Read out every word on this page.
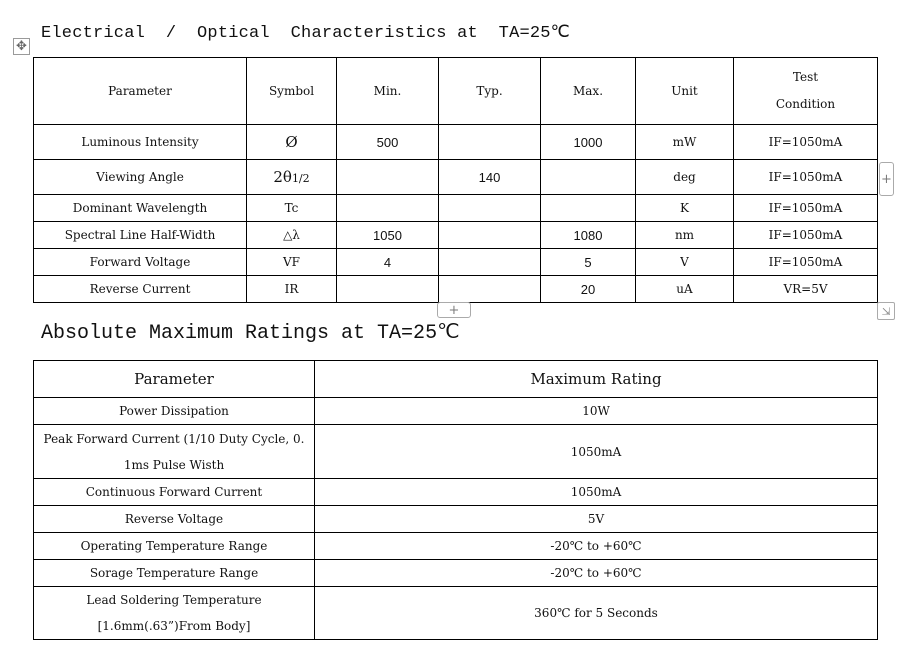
✥
Electrical  /  Optical  Characteristics at  TA=25℃
Parameter	Symbol	Min.	Typ.	Max.	Unit	Test
Condition

Luminous Intensity	Ø	500		1000	mW	IF=1050mA
Viewing Angle	2θ1/2		140		deg	IF=1050mA
Dominant Wavelength	Tc				K	IF=1050mA
Spectral Line Half-Width	△λ	1050		1080	nm	IF=1050mA
Forward Voltage	VF	4		5	V	IF=1050mA
Reverse Current	IR			20	uA	VR=5V
+
+	⇲
Absolute Maximum Ratings at TA=25℃
Parameter	Maximum Rating
Power Dissipation	10W

Peak Forward Current (1/10 Duty Cycle, 0.
1ms Pulse Wisth	1050mA
Continuous Forward Current	1050mA
Reverse Voltage	5V
Operating Temperature Range	-20℃ to +60℃
Sorage Temperature Range	-20℃ to +60℃

Lead Soldering Temperature
[1.6mm(.63”)From Body]	360℃ for 5 Seconds
